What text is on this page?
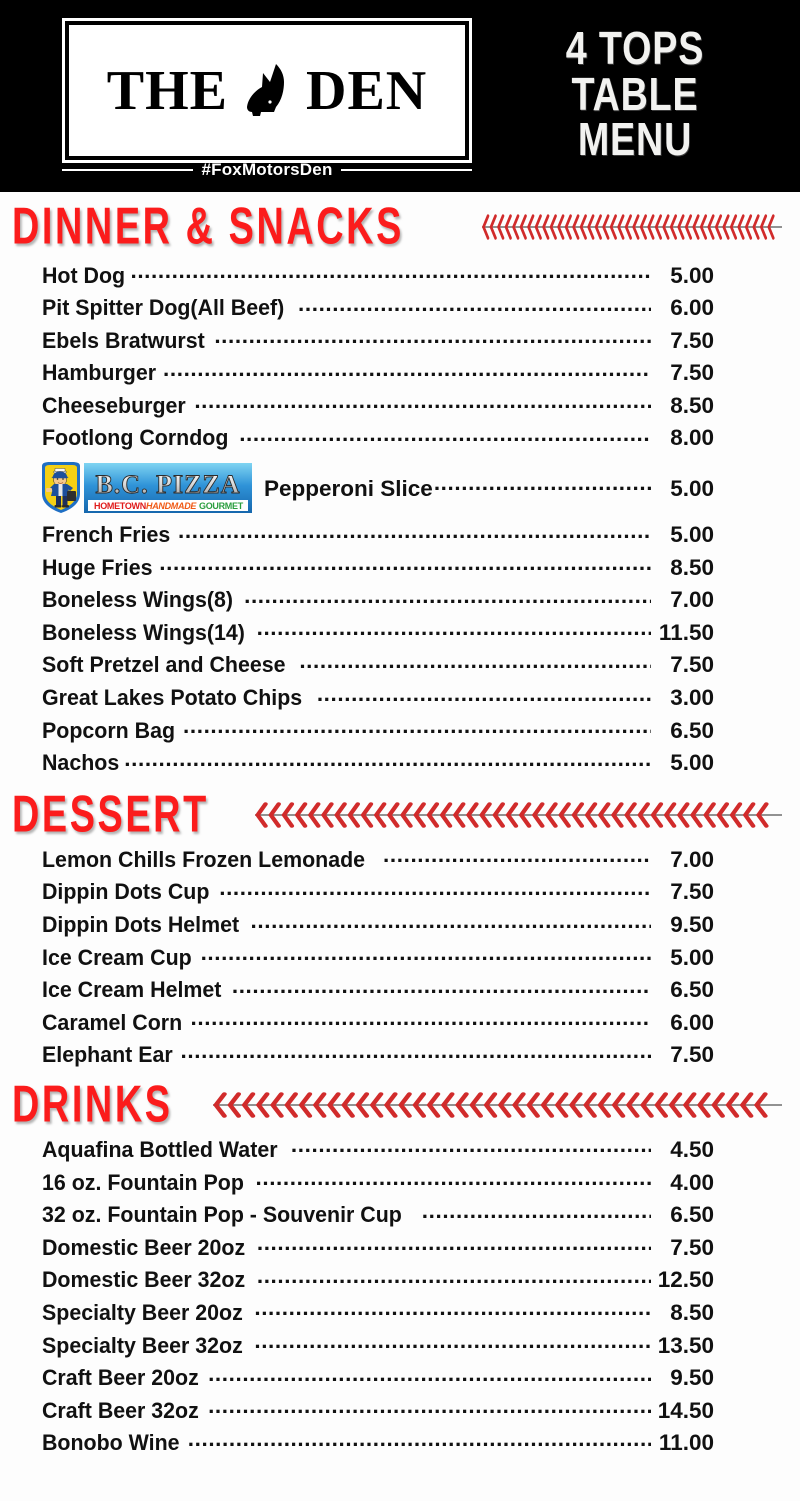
THE DEN
#FoxMotorsDen
4 TOPS
TABLE MENU
DINNER & SNACKS
Hot Dog .....	5.00
Pit Spitter Dog(All Beef) .....	6.00
Ebels Bratwurst .....	7.50
Hamburger .....	7.50
Cheeseburger .....	8.50
Footlong Corndog .....	8.00
B.C. PIZZA
HOMETOWN HANDMADE GOURMET
Pepperoni Slice .....	5.00
French Fries .....	5.00
Huge Fries .....	8.50
Boneless Wings(8) .....	7.00
Boneless Wings(14) .....	11.50
Soft Pretzel and Cheese .....	7.50
Great Lakes Potato Chips .....	3.00
Popcorn Bag .....	6.50
Nachos .....	5.00
DESSERT
Lemon Chills Frozen Lemonade .....	7.00
Dippin Dots Cup .....	7.50
Dippin Dots Helmet .....	9.50
Ice Cream Cup .....	5.00
Ice Cream Helmet .....	6.50
Caramel Corn .....	6.00
Elephant Ear .....	7.50
DRINKS
Aquafina Bottled Water .....	4.50
16 oz. Fountain Pop .....	4.00
32 oz. Fountain Pop - Souvenir Cup .....	6.50
Domestic Beer 20oz .....	7.50
Domestic Beer 32oz .....	12.50
Specialty Beer 20oz .....	8.50
Specialty Beer 32oz .....	13.50
Craft Beer 20oz .....	9.50
Craft Beer 32oz .....	14.50
Bonobo Wine .....	11.00
